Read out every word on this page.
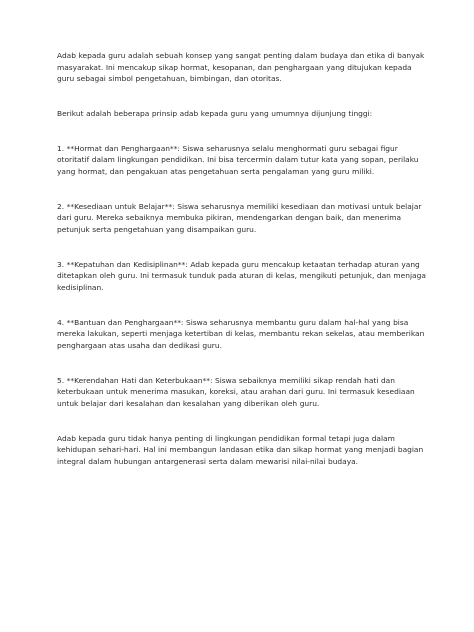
Adab kepada guru adalah sebuah konsep yang sangat penting dalam budaya dan etika di banyak masyarakat. Ini mencakup sikap hormat, kesopanan, dan penghargaan yang ditujukan kepada guru sebagai simbol pengetahuan, bimbingan, dan otoritas.

Berikut adalah beberapa prinsip adab kepada guru yang umumnya dijunjung tinggi:

1. **Hormat dan Penghargaan**: Siswa seharusnya selalu menghormati guru sebagai figur otoritatif dalam lingkungan pendidikan. Ini bisa tercermin dalam tutur kata yang sopan, perilaku yang hormat, dan pengakuan atas pengetahuan serta pengalaman yang guru miliki.

2. **Kesediaan untuk Belajar**: Siswa seharusnya memiliki kesediaan dan motivasi untuk belajar dari guru. Mereka sebaiknya membuka pikiran, mendengarkan dengan baik, dan menerima petunjuk serta pengetahuan yang disampaikan guru.

3. **Kepatuhan dan Kedisiplinan**: Adab kepada guru mencakup ketaatan terhadap aturan yang ditetapkan oleh guru. Ini termasuk tunduk pada aturan di kelas, mengikuti petunjuk, dan menjaga kedisiplinan.

4. **Bantuan dan Penghargaan**: Siswa seharusnya membantu guru dalam hal-hal yang bisa mereka lakukan, seperti menjaga ketertiban di kelas, membantu rekan sekelas, atau memberikan penghargaan atas usaha dan dedikasi guru.

5. **Kerendahan Hati dan Keterbukaan**: Siswa sebaiknya memiliki sikap rendah hati dan keterbukaan untuk menerima masukan, koreksi, atau arahan dari guru. Ini termasuk kesediaan untuk belajar dari kesalahan dan kesalahan yang diberikan oleh guru.

Adab kepada guru tidak hanya penting di lingkungan pendidikan formal tetapi juga dalam kehidupan sehari-hari. Hal ini membangun landasan etika dan sikap hormat yang menjadi bagian integral dalam hubungan antargenerasi serta dalam mewarisi nilai-nilai budaya.
